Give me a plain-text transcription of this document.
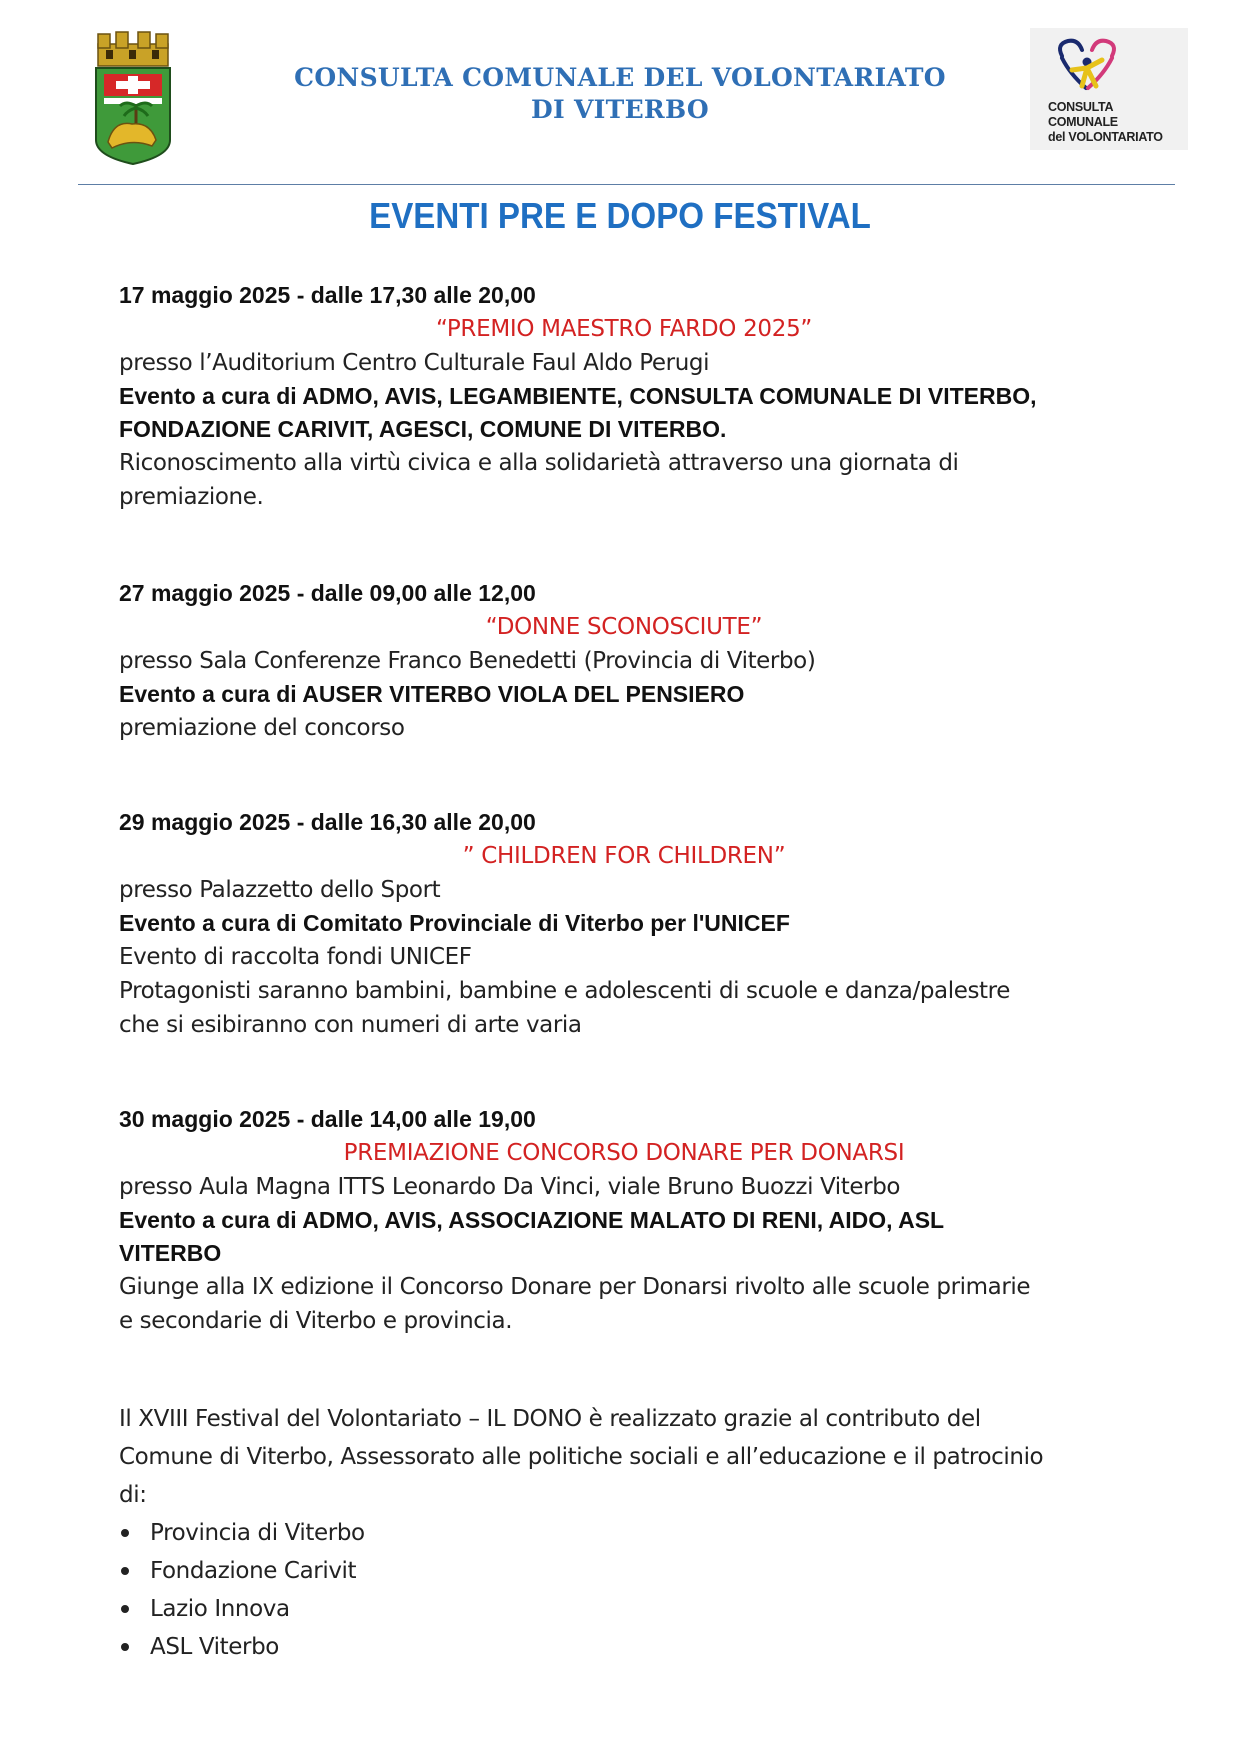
CONSULTA COMUNALE DEL VOLONTARIATO
DI VITERBO	CONSULTA COMUNALE
del VOLONTARIATO
EVENTI PRE E DOPO FESTIVAL
17 maggio 2025 - dalle 17,30 alle 20,00
“PREMIO MAESTRO FARDO 2025”
presso l’Auditorium Centro Culturale Faul Aldo Perugi
Evento a cura di ADMO, AVIS, LEGAMBIENTE, CONSULTA COMUNALE DI VITERBO,
FONDAZIONE CARIVIT, AGESCI, COMUNE DI VITERBO.
Riconoscimento alla virtù civica e alla solidarietà attraverso una giornata di
premiazione.
27 maggio 2025 - dalle 09,00 alle 12,00
“DONNE SCONOSCIUTE”
presso Sala Conferenze Franco Benedetti (Provincia di Viterbo)
Evento a cura di AUSER VITERBO VIOLA DEL PENSIERO
premiazione del concorso
29 maggio 2025 - dalle 16,30 alle 20,00
” CHILDREN FOR CHILDREN”
presso Palazzetto dello Sport
Evento a cura di Comitato Provinciale di Viterbo per l'UNICEF
Evento di raccolta fondi UNICEF
Protagonisti saranno bambini, bambine e adolescenti di scuole e danza/palestre
che si esibiranno con numeri di arte varia
30 maggio 2025 - dalle 14,00 alle 19,00
PREMIAZIONE CONCORSO DONARE PER DONARSI
presso Aula Magna ITTS Leonardo Da Vinci, viale Bruno Buozzi Viterbo
Evento a cura di ADMO, AVIS, ASSOCIAZIONE MALATO DI RENI, AIDO, ASL
VITERBO
Giunge alla IX edizione il Concorso Donare per Donarsi rivolto alle scuole primarie
e secondarie di Viterbo e provincia.
Il XVIII Festival del Volontariato – IL DONO è realizzato grazie al contributo del
Comune di Viterbo, Assessorato alle politiche sociali e all’educazione e il patrocinio
di:
Provincia di Viterbo
Fondazione Carivit
Lazio Innova
ASL Viterbo
